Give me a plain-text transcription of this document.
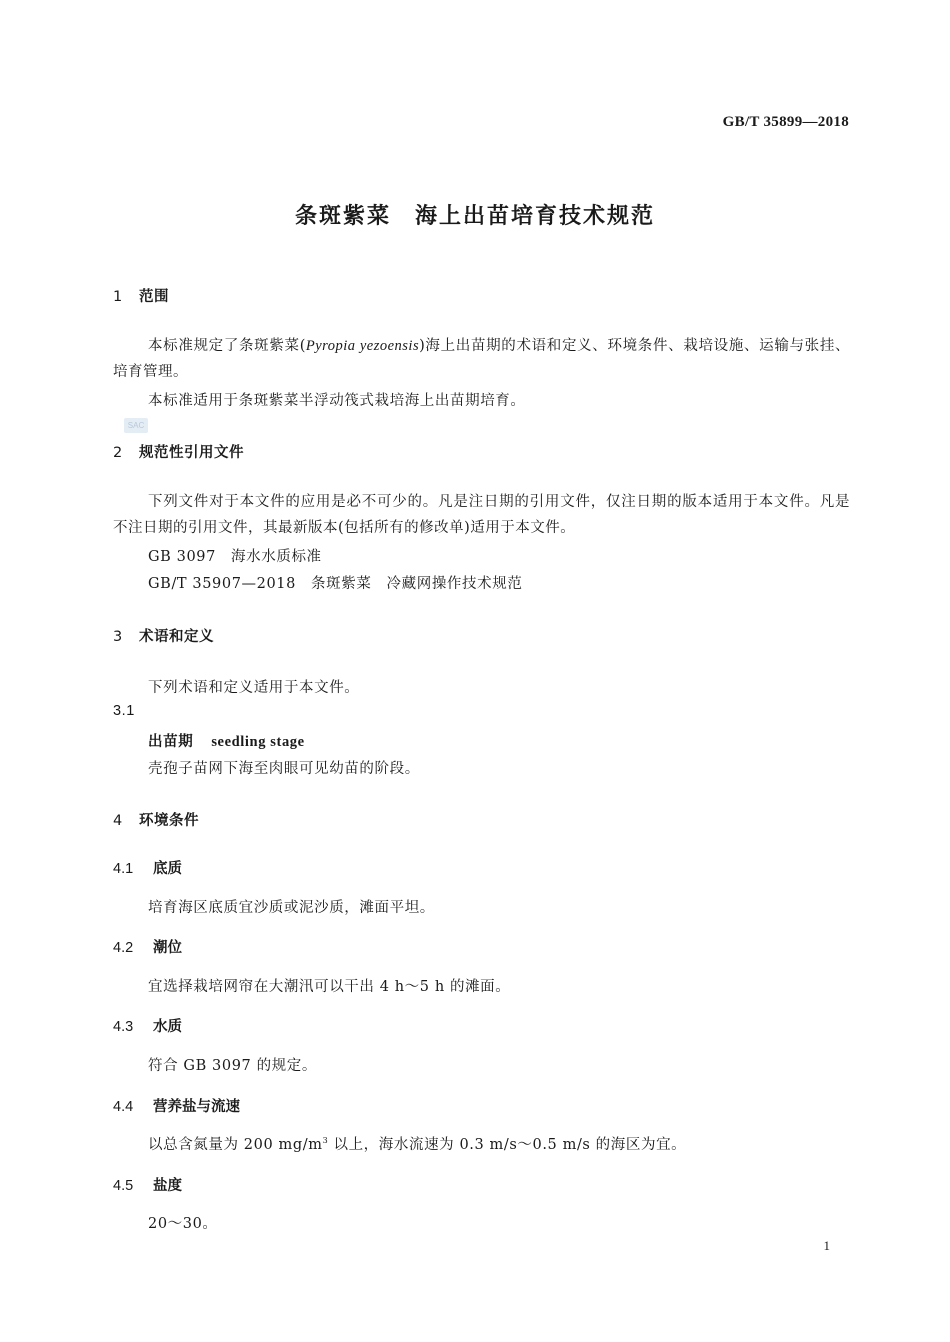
GB/T 35899—2018
条斑紫菜　海上出苗培育技术规范
1 范围

本标准规定了条斑紫菜(Pyropia yezoensis)海上出苗期的术语和定义、环境条件、栽培设施、运输与张挂、培育管理。

本标准适用于条斑紫菜半浮动筏式栽培海上出苗期培育。
SAC
2 规范性引用文件

下列文件对于本文件的应用是必不可少的。凡是注日期的引用文件，仅注日期的版本适用于本文件。凡是不注日期的引用文件，其最新版本(包括所有的修改单)适用于本文件。

GB 3097　海水水质标准
GB/T 35907—2018　条斑紫菜　冷藏网操作技术规范
3 术语和定义
下列术语和定义适用于本文件。
3.1
出苗期 seedling stage
壳孢子苗网下海至肉眼可见幼苗的阶段。
4 环境条件
4.1 底质
培育海区底质宜沙质或泥沙质，滩面平坦。
4.2 潮位
宜选择栽培网帘在大潮汛可以干出 4 h～5 h 的滩面。
4.3 水质
符合 GB 3097 的规定。
4.4 营养盐与流速
以总含氮量为 200 $mg/m^3$ 以上，海水流速为 0.3 m/s～0.5 m/s 的海区为宜。
4.5 盐度
20～30。
1
